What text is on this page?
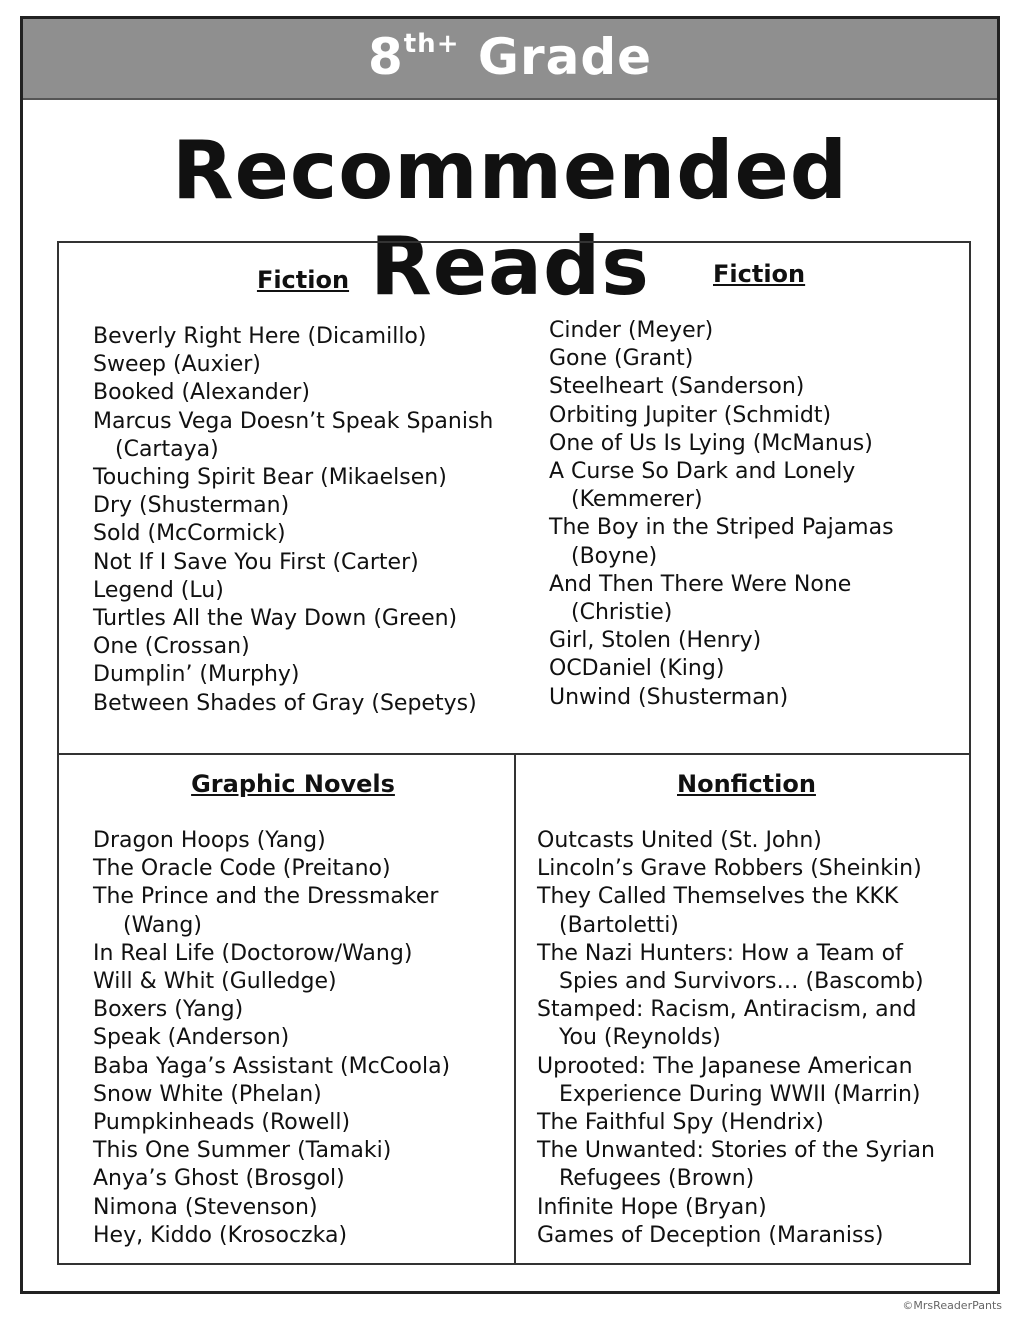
$8^{th+}$ Grade
Recommended Reads
Fiction
Beverly Right Here (Dicamillo)
Sweep (Auxier)
Booked (Alexander)
Marcus Vega Doesn’t Speak Spanish (Cartaya)
Touching Spirit Bear (Mikaelsen)
Dry (Shusterman)
Sold (McCormick)
Not If I Save You First (Carter)
Legend (Lu)
Turtles All the Way Down (Green)
One (Crossan)
Dumplin’ (Murphy)
Between Shades of Gray (Sepetys)
Fiction
Cinder (Meyer)
Gone (Grant)
Steelheart (Sanderson)
Orbiting Jupiter (Schmidt)
One of Us Is Lying (McManus)
A Curse So Dark and Lonely (Kemmerer)
The Boy in the Striped Pajamas (Boyne)
And Then There Were None (Christie)
Girl, Stolen (Henry)
OCDaniel (King)
Unwind (Shusterman)
Graphic Novels
Dragon Hoops (Yang)
The Oracle Code (Preitano)
The Prince and the Dressmaker (Wang)
In Real Life (Doctorow/Wang)
Will & Whit (Gulledge)
Boxers (Yang)
Speak (Anderson)
Baba Yaga’s Assistant (McCoola)
Snow White (Phelan)
Pumpkinheads (Rowell)
This One Summer (Tamaki)
Anya’s Ghost (Brosgol)
Nimona (Stevenson)
Hey, Kiddo (Krosoczka)
Nonfiction
Outcasts United (St. John)
Lincoln’s Grave Robbers (Sheinkin)
They Called Themselves the KKK (Bartoletti)
The Nazi Hunters: How a Team of Spies and Survivors… (Bascomb)
Stamped: Racism, Antiracism, and You (Reynolds)
Uprooted: The Japanese American Experience During WWII (Marrin)
The Faithful Spy (Hendrix)
The Unwanted: Stories of the Syrian Refugees (Brown)
Infinite Hope (Bryan)
Games of Deception (Maraniss)
©MrsReaderPants
